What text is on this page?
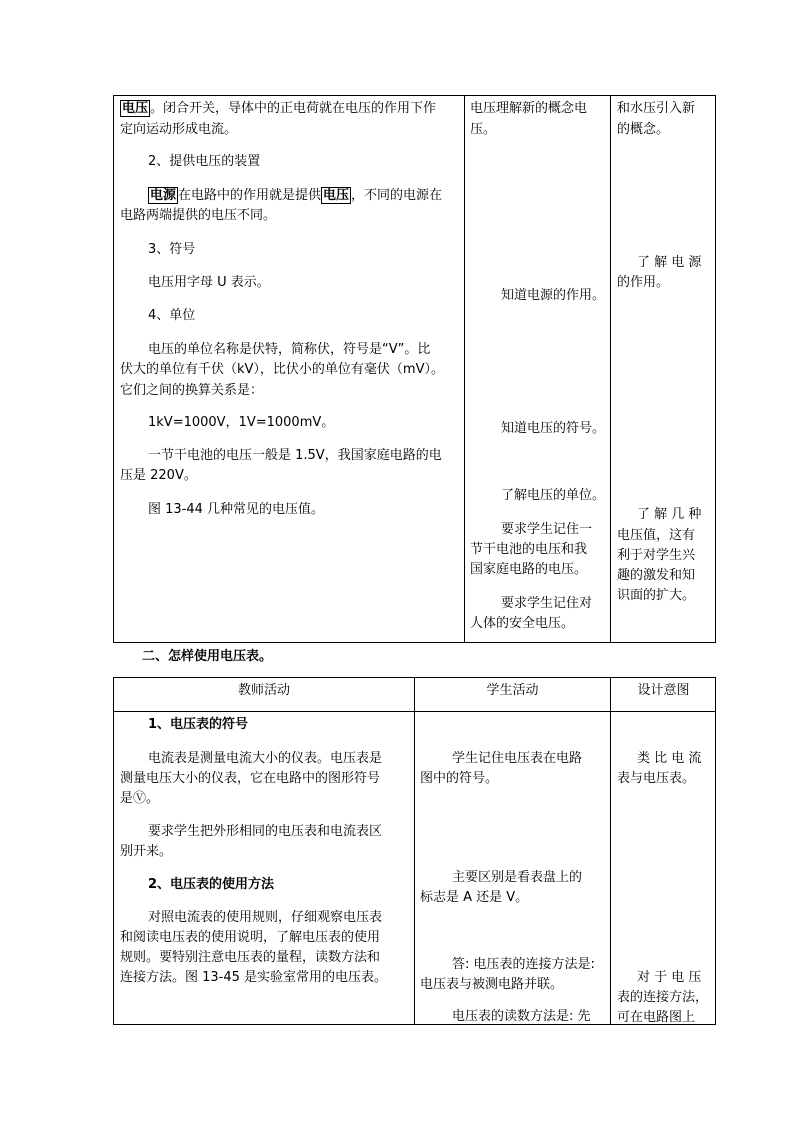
电压 。闭合开关，导体中的正电荷就在电压的作用下作

定向运动形成电流。

2、提供电压的装置

电源 在电路中的作用就是提供 电压 ，不同的电源在

电路两端提供的电压不同。

3、符号

电压用字母 U 表示。

4、单位

电压的单位名称是伏特，简称伏，符号是“V”。比

伏大的单位有千伏（kV），比伏小的单位有毫伏（mV）。

它们之间的换算关系是：

1kV=1000V，1V=1000mV。

一节干电池的电压一般是 1.5V，我国家庭电路的电

压是 220V。

图 13-44 几种常见的电压值。

电压理解新的概念电

压。

知道电源的作用。

知道电压的符号。

了解电压的单位。

要求学生记住一

节干电池的电压和我

国家庭电路的电压。

要求学生记住对

人体的安全电压。

和水压引入新

的概念。

了 解 电 源

的作用。

了 解 几 种

电压值，这有

利于对学生兴

趣的激发和知

识面的扩大。

二、怎样使用电压表。
教师活动	学生活动	设计意图

1、电压表的符号

电流表是测量电流大小的仪表。电压表是

测量电压大小的仪表，它在电路中的图形符号

是Ⓥ。

要求学生把外形相同的电压表和电流表区

别开来。

2、电压表的使用方法

对照电流表的使用规则，仔细观察电压表

和阅读电压表的使用说明，了解电压表的使用

规则。要特别注意电压表的量程，读数方法和

连接方法。图 13-45 是实验室常用的电压表。

学生记住电压表在电路

图中的符号。

主要区别是看表盘上的

标志是 A 还是 V。

答: 电压表的连接方法是:

电压表与被测电路并联。

电压表的读数方法是: 先

类 比 电 流

表与电压表。

对 于 电 压

表的连接方法，

可在电路图上
